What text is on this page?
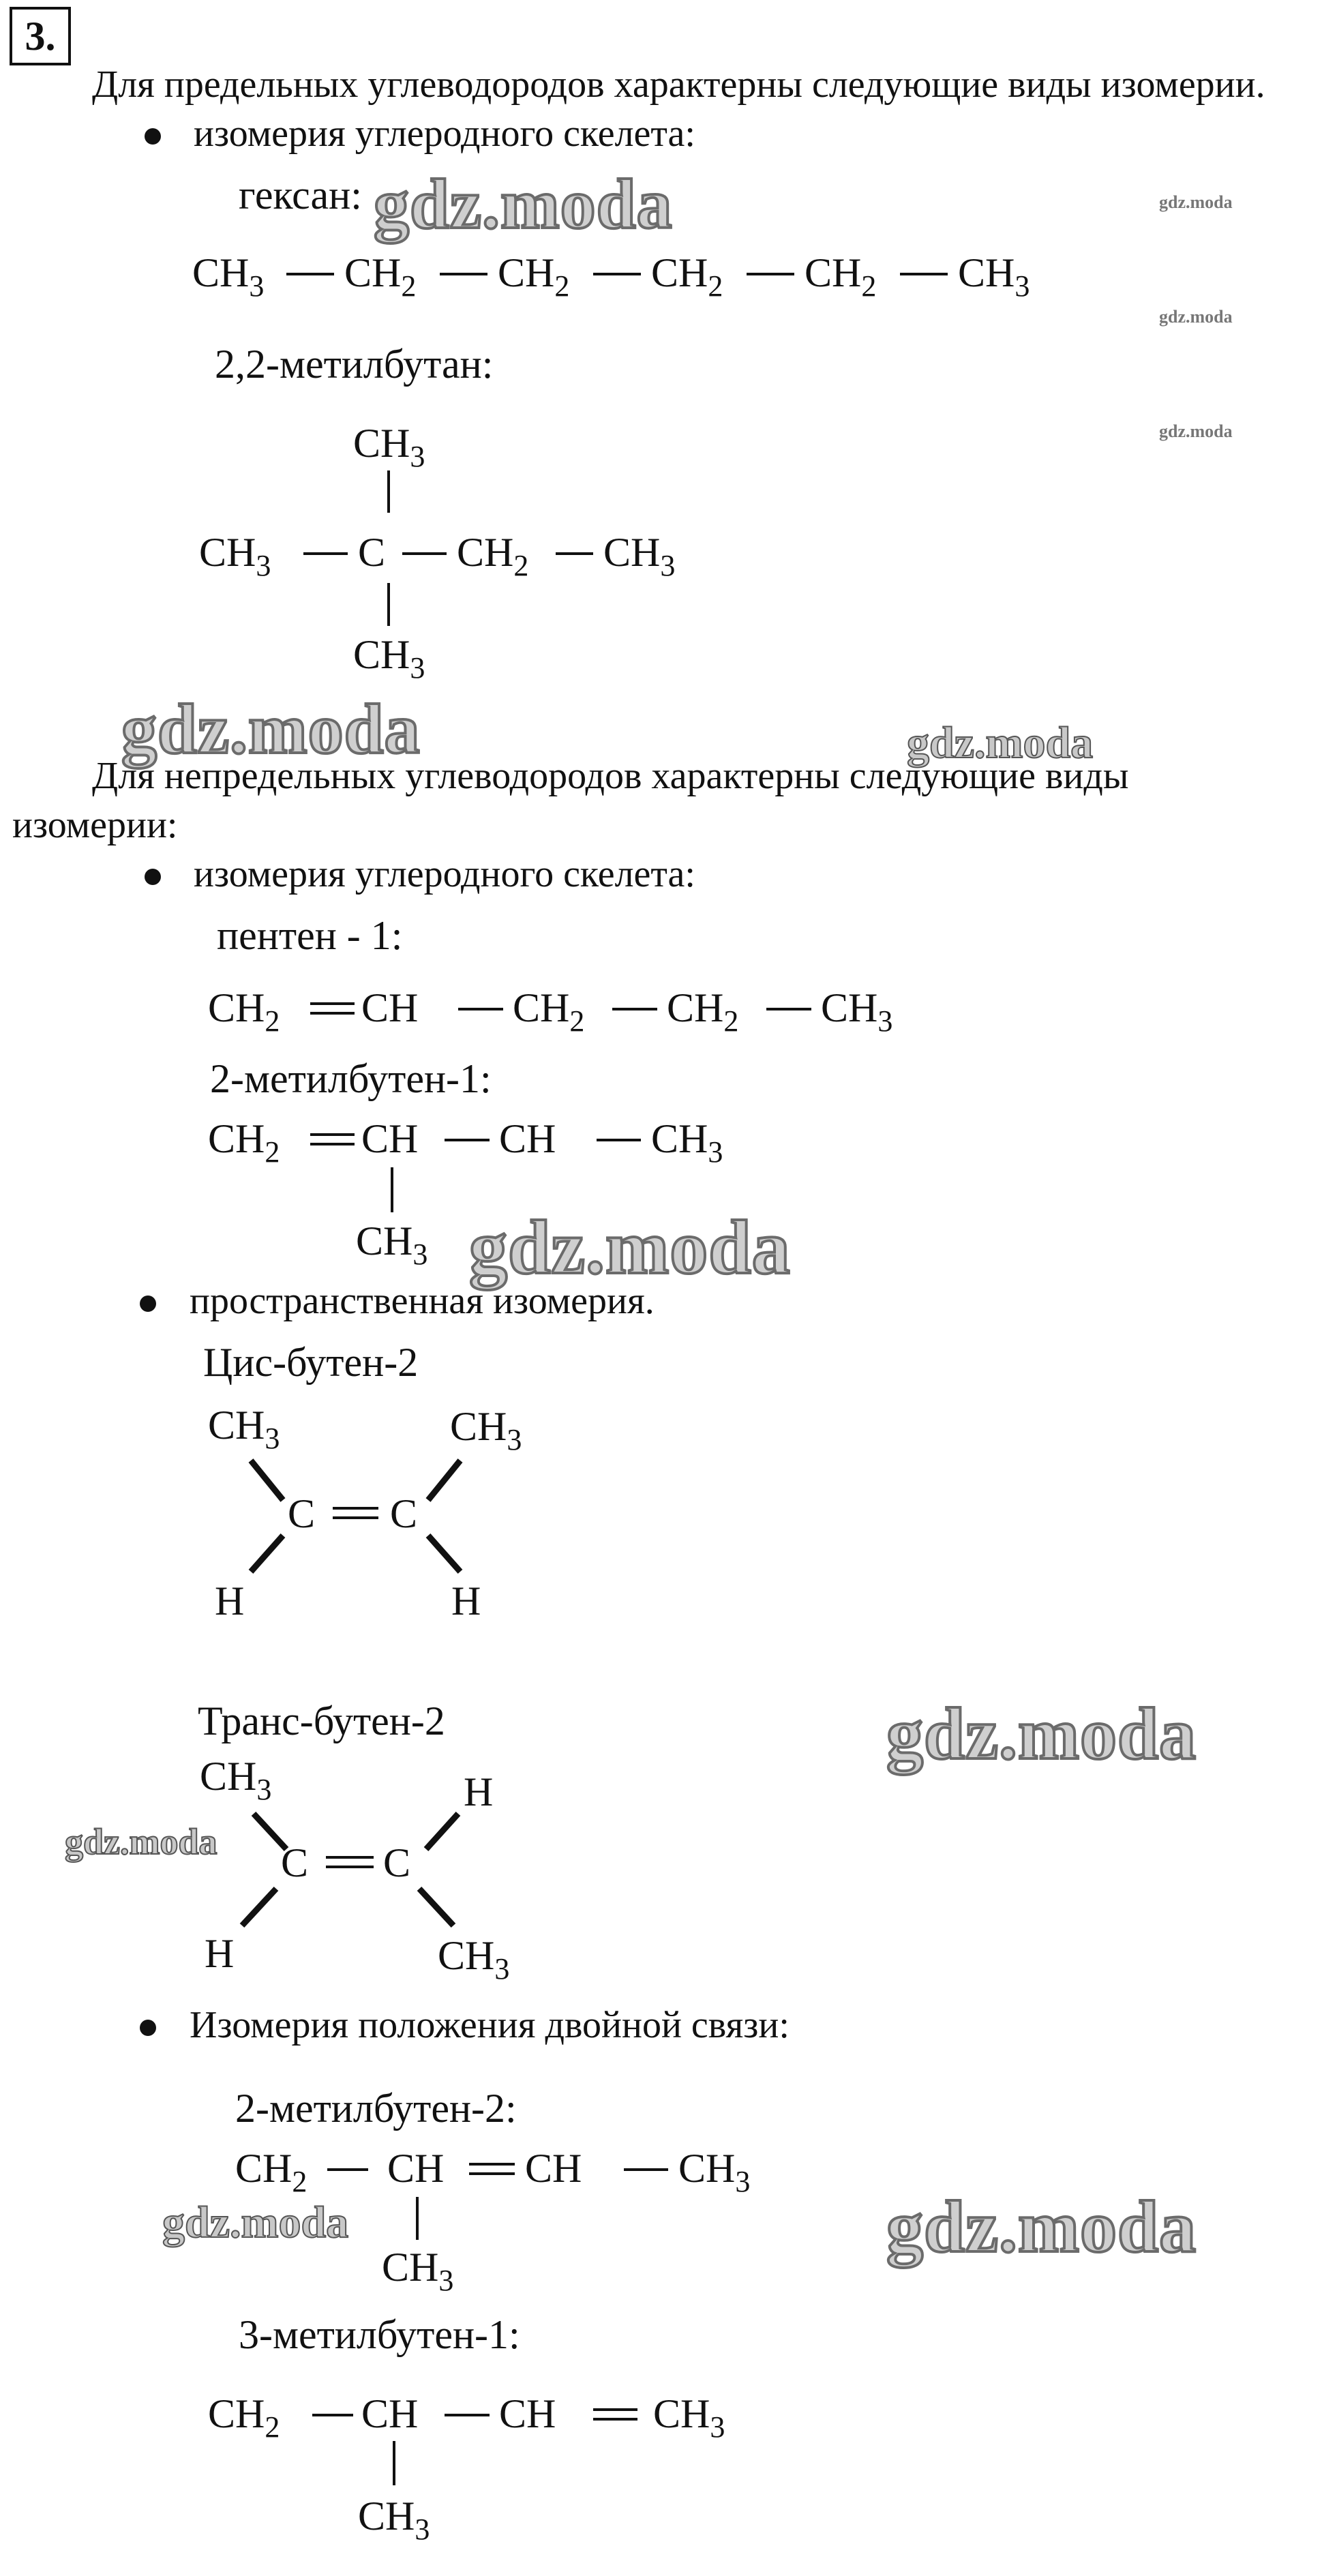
3.
Для предельных углеводородов характерны следующие виды изомерии.
изомерия углеродного скелета:
гексан:
$CH_3$ $CH_2$ $CH_2$ $CH_2$ $CH_2$ $CH_3$
$CH_3$
$CH_3$ C $CH_2$ $CH_3$
$CH_3$
$CH_2$ CH $CH_2$ $CH_2$ $CH_3$
$CH_2$ CH CH $CH_3$
$CH_3$
$CH_3$	$CH_3$
C C
H	H
$CH_3$	H
C C
H	$CH_3$
$CH_2$ CH CH $CH_3$
$CH_3$
$CH_2$ CH CH $CH_3$
$CH_3$
2,2-метилбутан:
Для непредельных углеводородов характерны следующие виды
изомерии:
изомерия углеродного скелета:
пентен - 1:
2-метилбутен-1:
пространственная изомерия.
Цис-бутен-2
Транс-бутен-2
Изомерия положения двойной связи:
2-метилбутен-2:
3-метилбутен-1:
gdz.moda	gdz.moda
gdz.moda
gdz.moda
gdz.moda	gdz.moda
gdz.moda
gdz.moda
gdz.moda
gdz.moda	gdz.moda
